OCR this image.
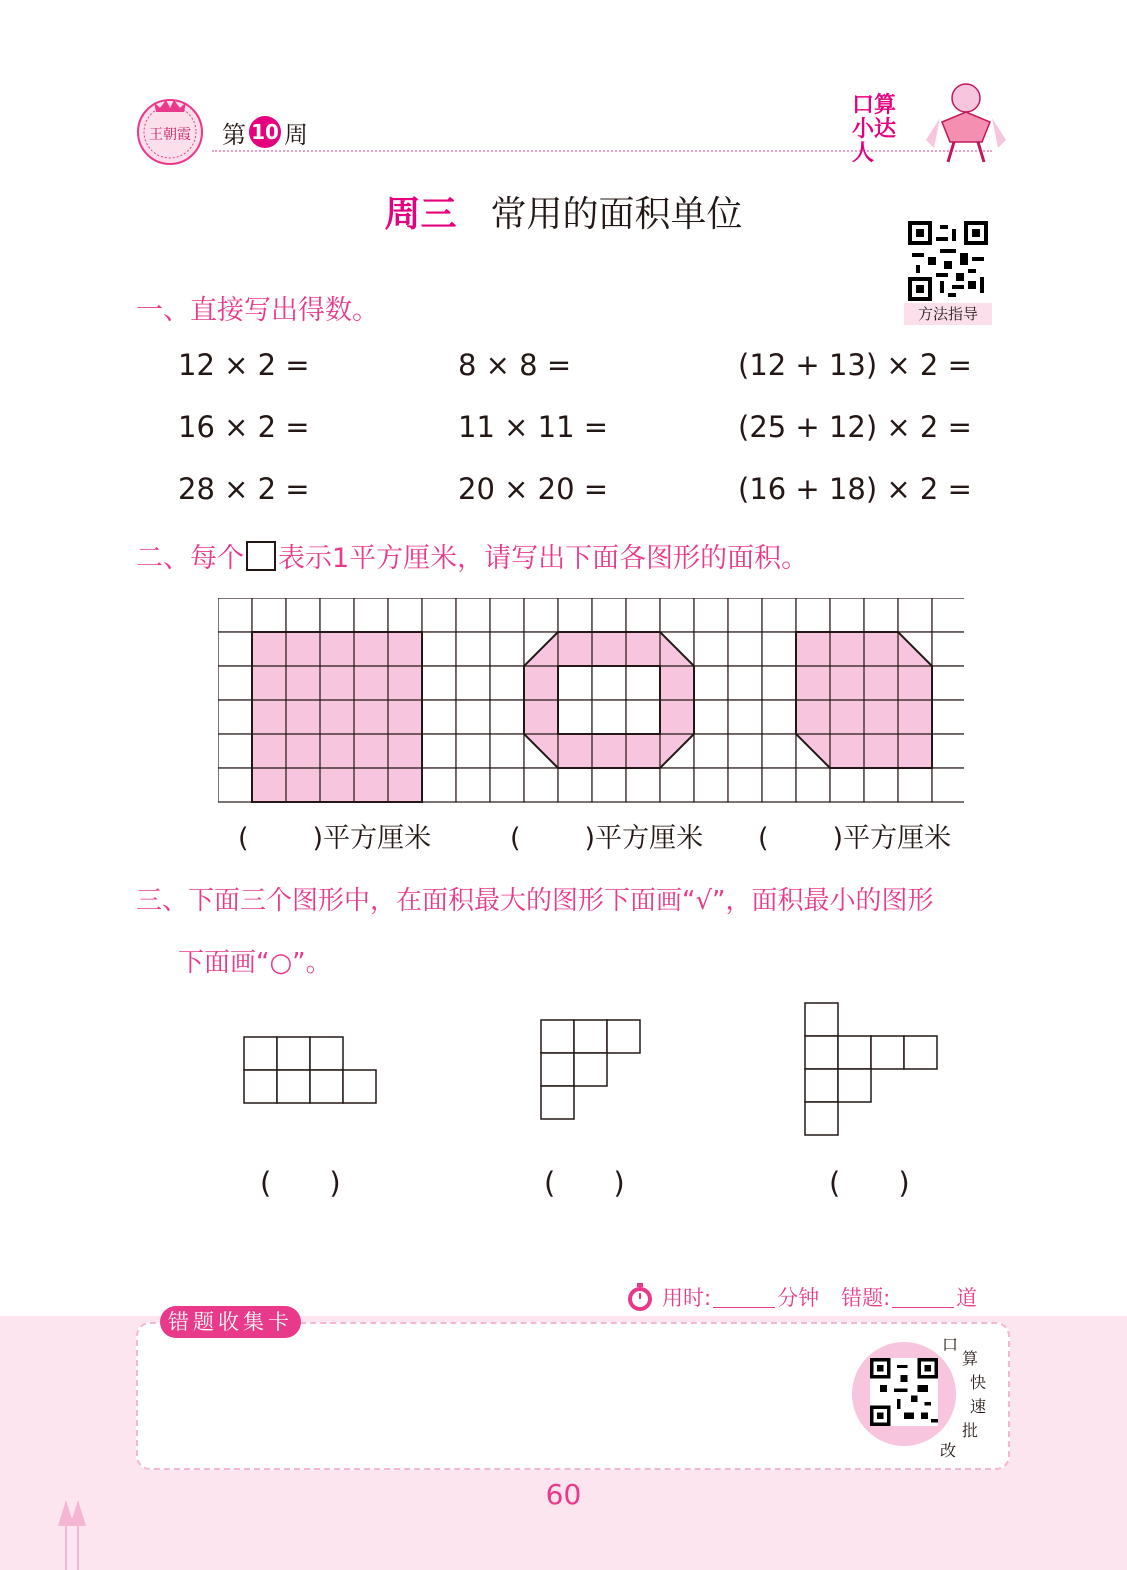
王朝霞	第 10 周
口算小达人
周三 常用的面积单位
方法指导
一、直接写出得数。
12 × 2 =	8 × 8 =	(12 + 13) × 2 =
16 × 2 =	11 × 11 =	(25 + 12) × 2 =
28 × 2 =	20 × 20 =	(16 + 18) × 2 =
二、每个 表示1平方厘米，请写出下面各图形的面积。
( )平方厘米	( )平方厘米 ( )平方厘米
三、下面三个图形中，在面积最大的图形下面画“√”，面积最小的图形
下面画“○”。
( )	( )	( )
用时:	分钟 错题:	道
错题收集卡
口
算
快
速
批
改
60
